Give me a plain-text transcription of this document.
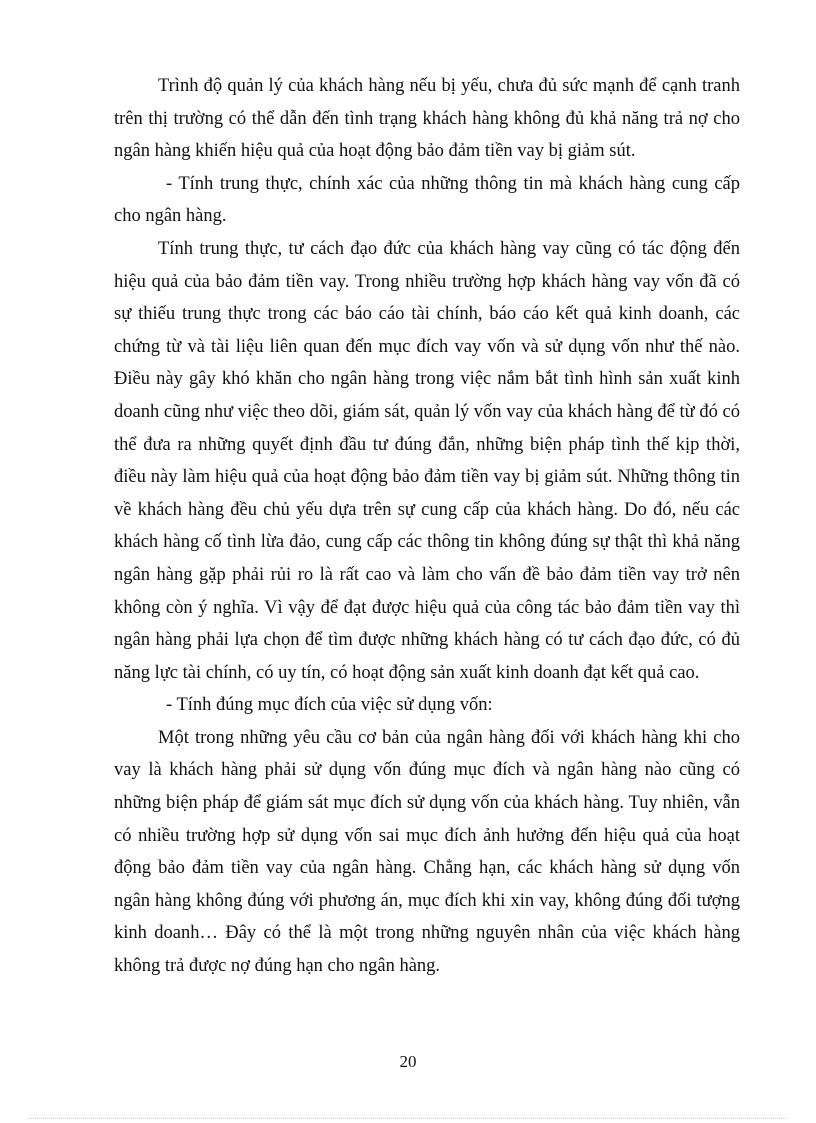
Trình độ quản lý của khách hàng nếu bị yếu, chưa đủ sức mạnh để cạnh tranh trên thị trường có thể dẫn đến tình trạng khách hàng không đủ khả năng trả nợ cho ngân hàng khiến hiệu quả của hoạt động bảo đảm tiền vay bị giảm sút.

- Tính trung thực, chính xác của những thông tin mà khách hàng cung cấp cho ngân hàng.

Tính trung thực, tư cách đạo đức của khách hàng vay cũng có tác động đến hiệu quả của bảo đảm tiền vay. Trong nhiều trường hợp khách hàng vay vốn đã có sự thiếu trung thực trong các báo cáo tài chính, báo cáo kết quả kinh doanh, các chứng từ và tài liệu liên quan đến mục đích vay vốn và sử dụng vốn như thế nào. Điều này gây khó khăn cho ngân hàng trong việc nắm bắt tình hình sản xuất kinh doanh cũng như việc theo dõi, giám sát, quản lý vốn vay của khách hàng để từ đó có thể đưa ra những quyết định đầu tư đúng đắn, những biện pháp tình thế kịp thời, điều này làm hiệu quả của hoạt động bảo đảm tiền vay bị giảm sút. Những thông tin về khách hàng đều chủ yếu dựa trên sự cung cấp của khách hàng. Do đó, nếu các khách hàng cố tình lừa đảo, cung cấp các thông tin không đúng sự thật thì khả năng ngân hàng gặp phải rủi ro là rất cao và làm cho vấn đề bảo đảm tiền vay trở nên không còn ý nghĩa. Vì vậy để đạt được hiệu quả của công tác bảo đảm tiền vay thì ngân hàng phải lựa chọn để tìm được những khách hàng có tư cách đạo đức, có đủ năng lực tài chính, có uy tín, có hoạt động sản xuất kinh doanh đạt kết quả cao.

- Tính đúng mục đích của việc sử dụng vốn:

Một trong những yêu cầu cơ bản của ngân hàng đối với khách hàng khi cho vay là khách hàng phải sử dụng vốn đúng mục đích và ngân hàng nào cũng có những biện pháp để giám sát mục đích sử dụng vốn của khách hàng. Tuy nhiên, vẫn có nhiều trường hợp sử dụng vốn sai mục đích ảnh hưởng đến hiệu quả của hoạt động bảo đảm tiền vay của ngân hàng. Chẳng hạn, các khách hàng sử dụng vốn ngân hàng không đúng với phương án, mục đích khi xin vay, không đúng đối tượng kinh doanh… Đây có thể là một trong những nguyên nhân của việc khách hàng không trả được nợ đúng hạn cho ngân hàng.

20
